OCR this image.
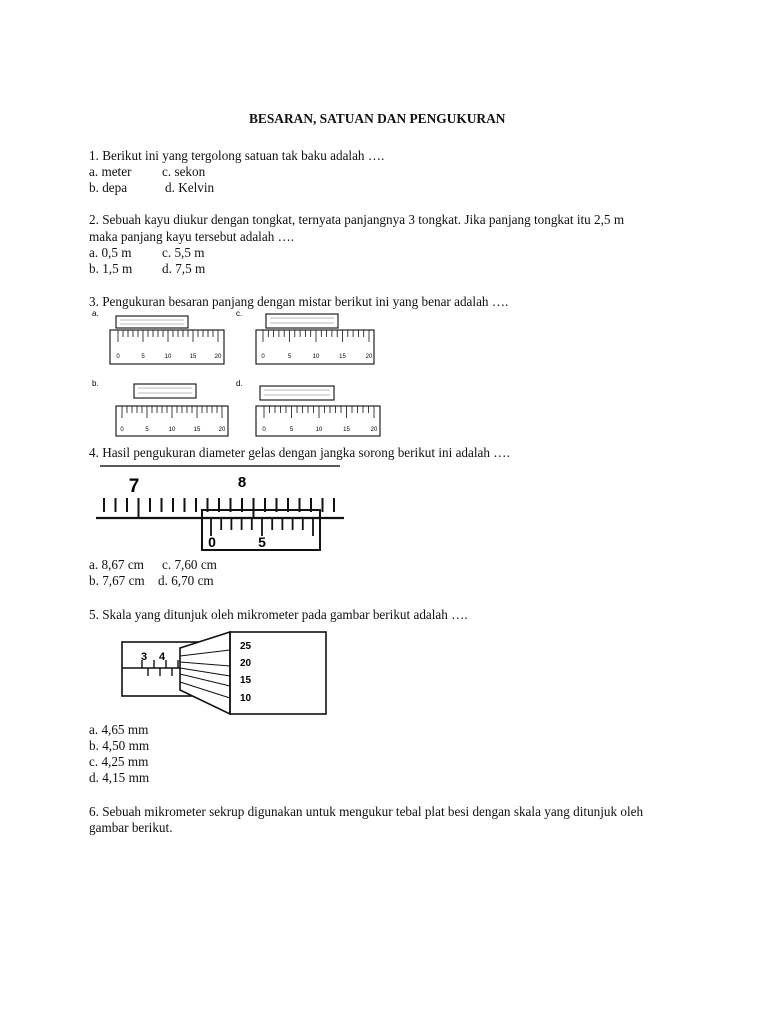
BESARAN, SATUAN DAN PENGUKURAN

1. Berikut ini yang tergolong satuan tak baku adalah ….

a. meter c. sekon

b. depa	d. Kelvin

2. Sebuah kayu diukur dengan tongkat, ternyata panjangnya 3 tongkat. Jika panjang tongkat itu 2,5 m

maka panjang kayu tersebut adalah ….

a. 0,5 m c. 5,5 m

b. 1,5 m d. 7,5 m

3. Pengukuran besaran panjang dengan mistar berikut ini yang benar adalah ….

a.
0	5	10	15	20
c.
0	5	10	15	20
b.
0	5	10	15	20
d.
0	5	10	15	20

4. Hasil pengukuran diameter gelas dengan jangka sorong berikut ini adalah ….

7	8
0	5

a. 8,67 cm c. 7,60 cm

b. 7,67 cm d. 6,70 cm

5. Skala yang ditunjuk oleh mikrometer pada gambar berikut adalah ….

3 4
25
20
15
10

a. 4,65 mm

b. 4,50 mm

c. 4,25 mm

d. 4,15 mm

6. Sebuah mikrometer sekrup digunakan untuk mengukur tebal plat besi dengan skala yang ditunjuk oleh

gambar berikut.
